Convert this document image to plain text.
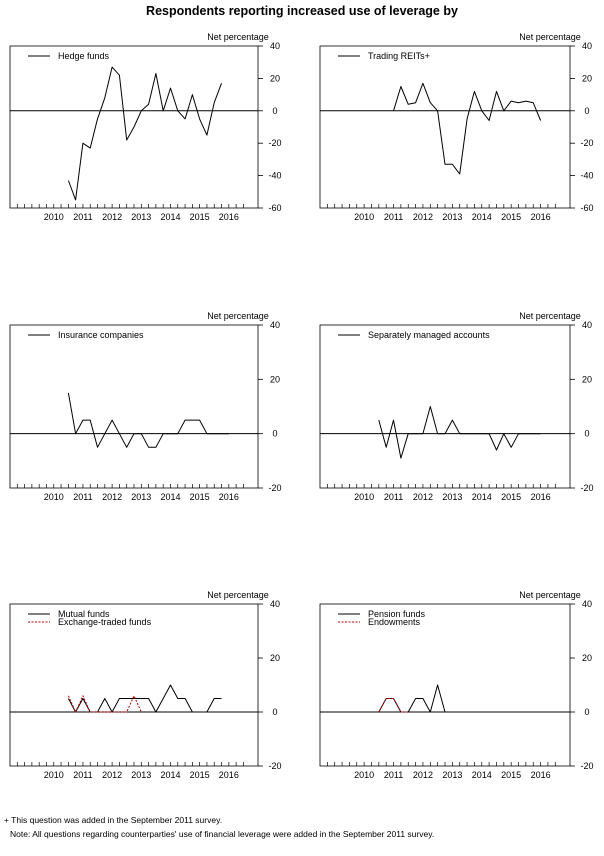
Respondents reporting increased use of leverage by
-60
-40
-20
0
20
40
Net percentage
2010 2011 2012 2013 2014 2015 2016
Hedge funds
-60
-40
-20
0
20
40
Net percentage
2010 2011 2012 2013 2014 2015 2016
Trading REITs+
-20
0
20
40
Net percentage
2010 2011 2012 2013 2014 2015 2016
Insurance companies
-20
0
20
40
Net percentage
2010 2011 2012 2013 2014 2015 2016
Separately managed accounts
-20
0
20
40
Net percentage
2010 2011 2012 2013 2014 2015 2016
Mutual funds
Exchange-traded funds
-20
0
20
40
Net percentage
2010 2011 2012 2013 2014 2015 2016
Pension funds
Endowments
+ This question was added in the September 2011 survey.
Note: All questions regarding counterparties' use of financial leverage were added in the September 2011 survey.
